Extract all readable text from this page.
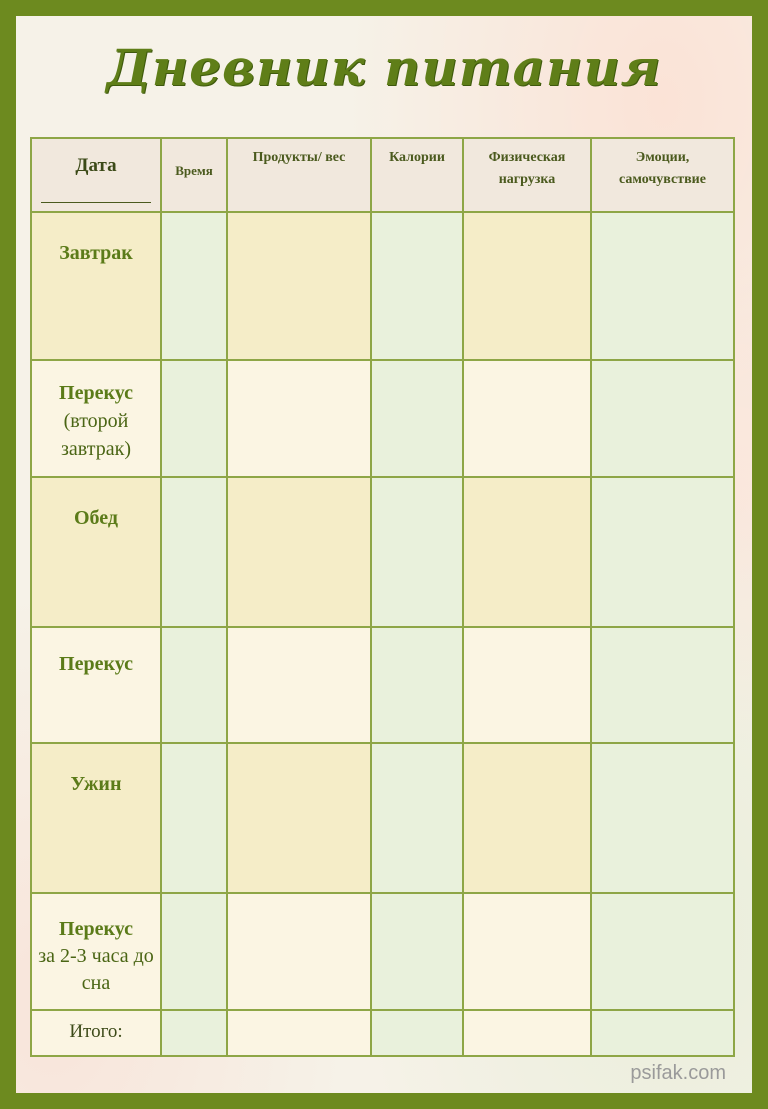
Дневник питания
Дата	Время	Продукты/ вес	Калории	Физическая нагрузка	Эмоции, самочувствие

Завтрак					

Перекус
(второй завтрак)					

Обед					

Перекус					

Ужин					

Перекус
за 2-3 часа до сна					

Итого:					

psifak.com
